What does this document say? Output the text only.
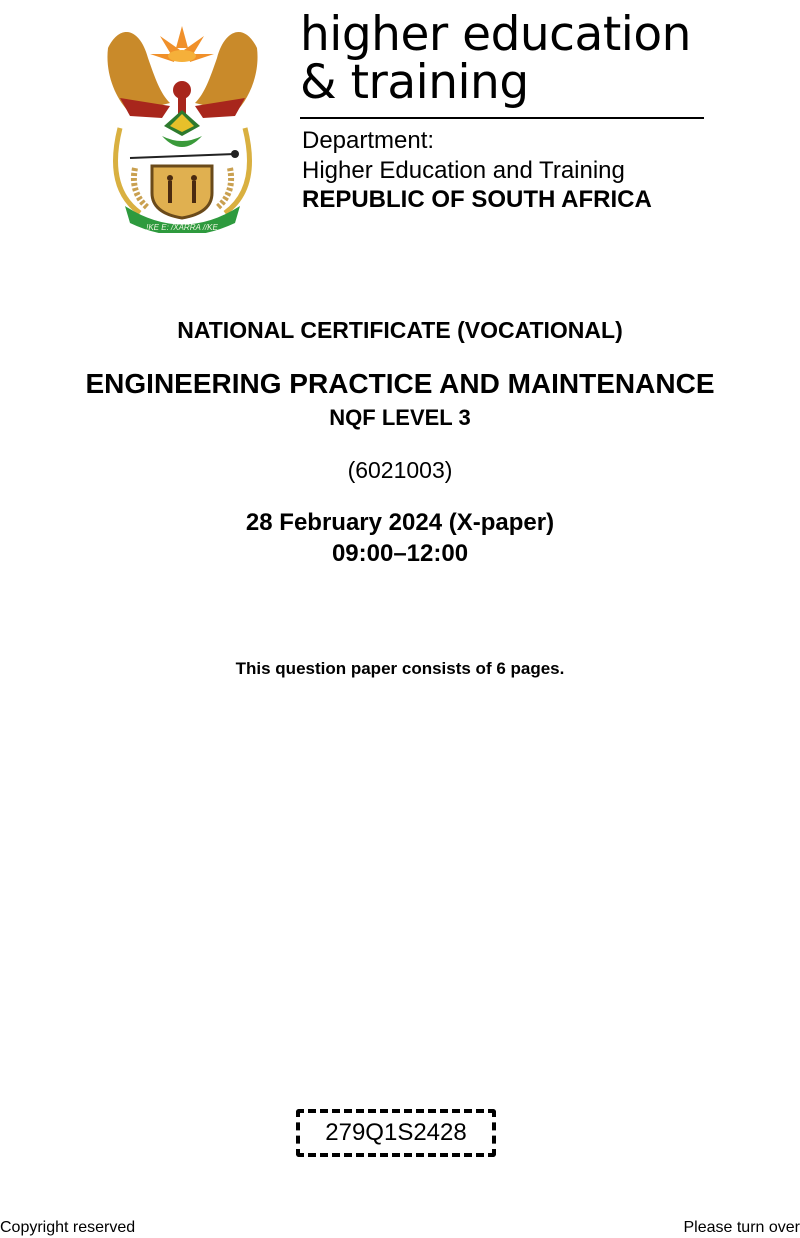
!KE E: /XARRA //KE
higher education
& training
Department:
Higher Education and Training
REPUBLIC OF SOUTH AFRICA
NATIONAL CERTIFICATE (VOCATIONAL)
ENGINEERING PRACTICE AND MAINTENANCE
NQF LEVEL 3
(6021003)
28 February 2024 (X-paper)
09:00–12:00
This question paper consists of 6 pages.
279Q1S2428
Copyright reserved	Please turn over
